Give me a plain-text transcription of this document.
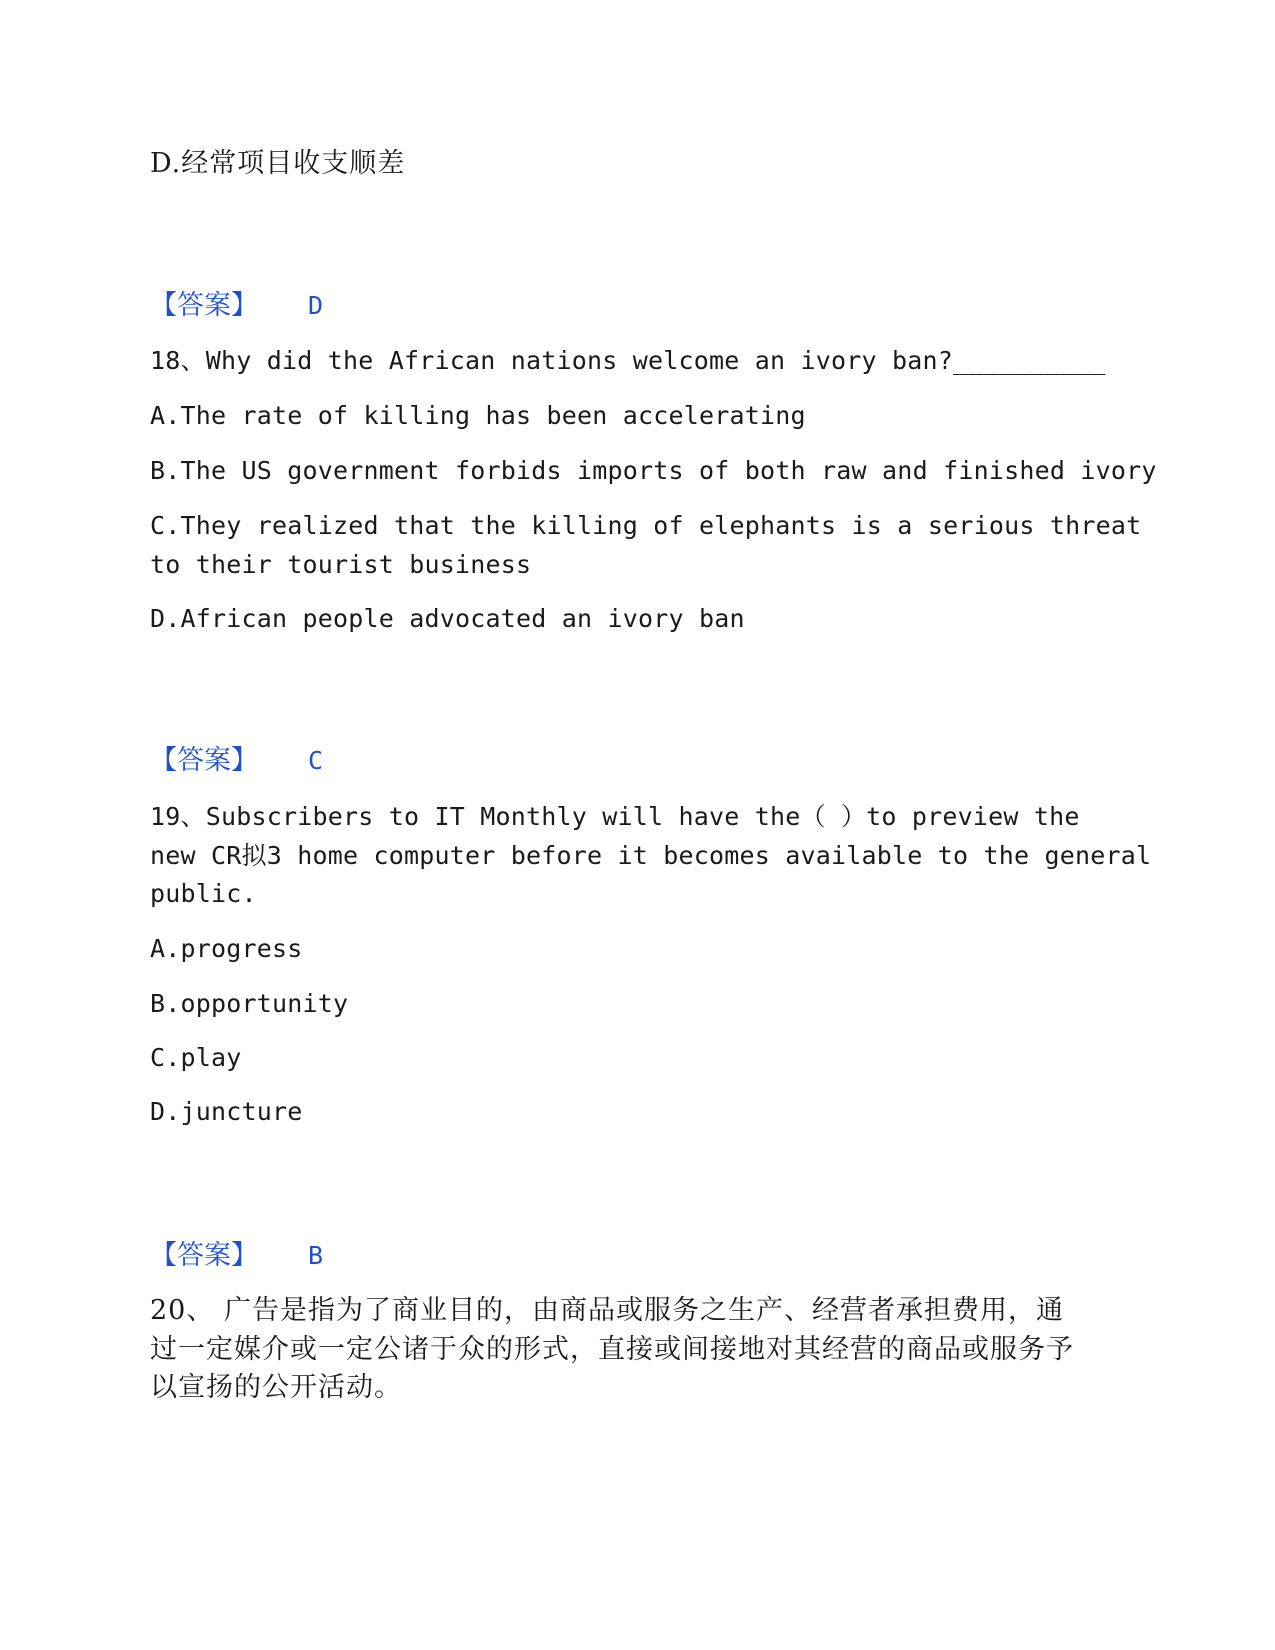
D.经常项目收支顺差
【答案】 D
18、Why did the African nations welcome an ivory ban?__________
A.The rate of killing has been accelerating
B.The US government forbids imports of both raw and finished ivory
C.They realized that the killing of elephants is a serious threat
to their tourist business
D.African people advocated an ivory ban
【答案】 C
19、Subscribers to IT Monthly will have the（ ）to preview the
new CR拟3 home computer before it becomes available to the general
public.
A.progress
B.opportunity
C.play
D.juncture
【答案】 B
20、 广告是指为了商业目的，由商品或服务之生产、经营者承担费用，通
过一定媒介或一定公诸于众的形式，直接或间接地对其经营的商品或服务予
以宣扬的公开活动。
